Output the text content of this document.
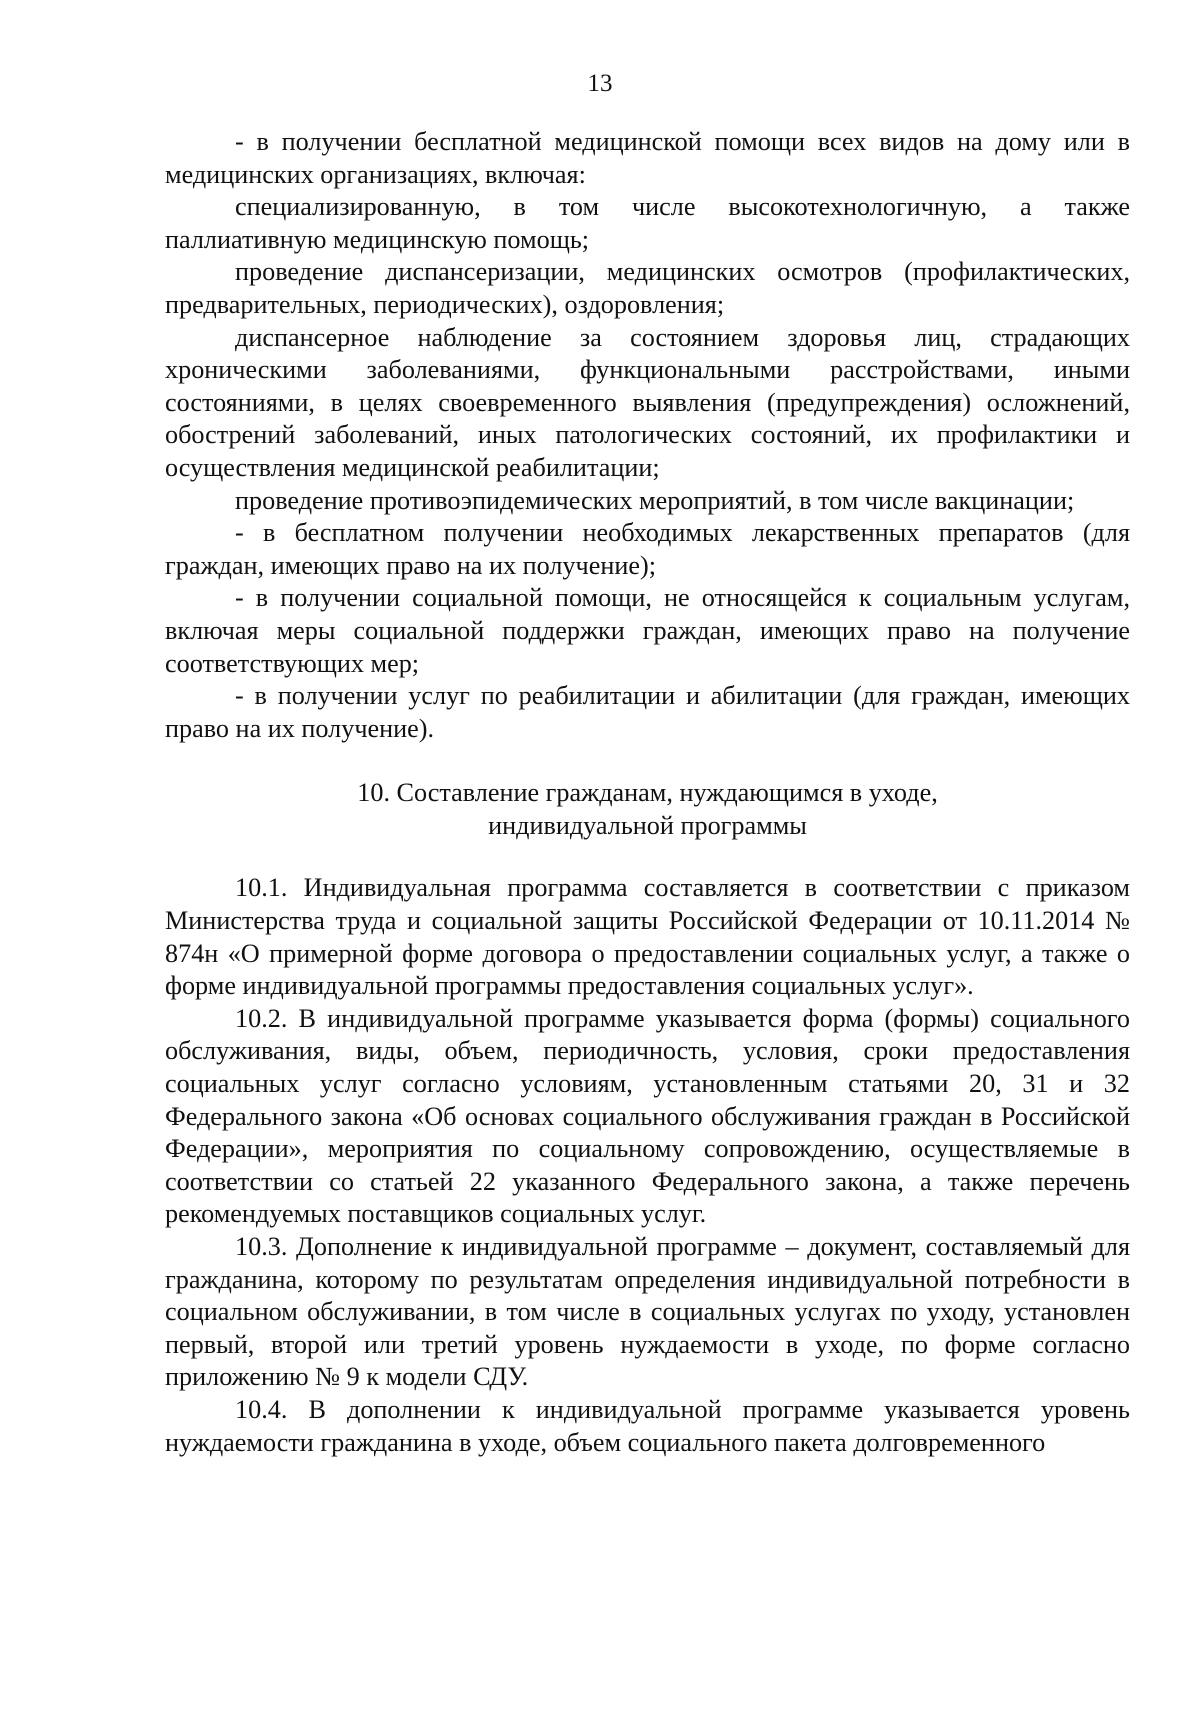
13

- в получении бесплатной медицинской помощи всех видов на дому или в медицинских организациях, включая:

специализированную, в том числе высокотехнологичную, а также паллиативную медицинскую помощь;

проведение диспансеризации, медицинских осмотров (профилактических, предварительных, периодических), оздоровления;

диспансерное наблюдение за состоянием здоровья лиц, страдающих хроническими заболеваниями, функциональными расстройствами, иными состояниями, в целях своевременного выявления (предупреждения) осложнений, обострений заболеваний, иных патологических состояний, их профилактики и осуществления медицинской реабилитации;

проведение противоэпидемических мероприятий, в том числе вакцинации;

- в бесплатном получении необходимых лекарственных препаратов (для граждан, имеющих право на их получение);

- в получении социальной помощи, не относящейся к социальным услугам, включая меры социальной поддержки граждан, имеющих право на получение соответствующих мер;

- в получении услуг по реабилитации и абилитации (для граждан, имеющих право на их получение).

10. Составление гражданам, нуждающимся в уходе,
индивидуальной программы

10.1. Индивидуальная программа составляется в соответствии с приказом Министерства труда и социальной защиты Российской Федерации от 10.11.2014 № 874н «О примерной форме договора о предоставлении социальных услуг, а также о форме индивидуальной программы предоставления социальных услуг».

10.2. В индивидуальной программе указывается форма (формы) социального обслуживания, виды, объем, периодичность, условия, сроки предоставления социальных услуг согласно условиям, установленным статьями 20, 31 и 32 Федерального закона «Об основах социального обслуживания граждан в Российской Федерации», мероприятия по социальному сопровождению, осуществляемые в соответствии со статьей 22 указанного Федерального закона, а также перечень рекомендуемых поставщиков социальных услуг.

10.3. Дополнение к индивидуальной программе – документ, составляемый для гражданина, которому по результатам определения индивидуальной потребности в социальном обслуживании, в том числе в социальных услугах по уходу, установлен первый, второй или третий уровень нуждаемости в уходе, по форме согласно приложению № 9 к модели СДУ.

10.4. В дополнении к индивидуальной программе указывается уровень нуждаемости гражданина в уходе, объем социального пакета долговременного
